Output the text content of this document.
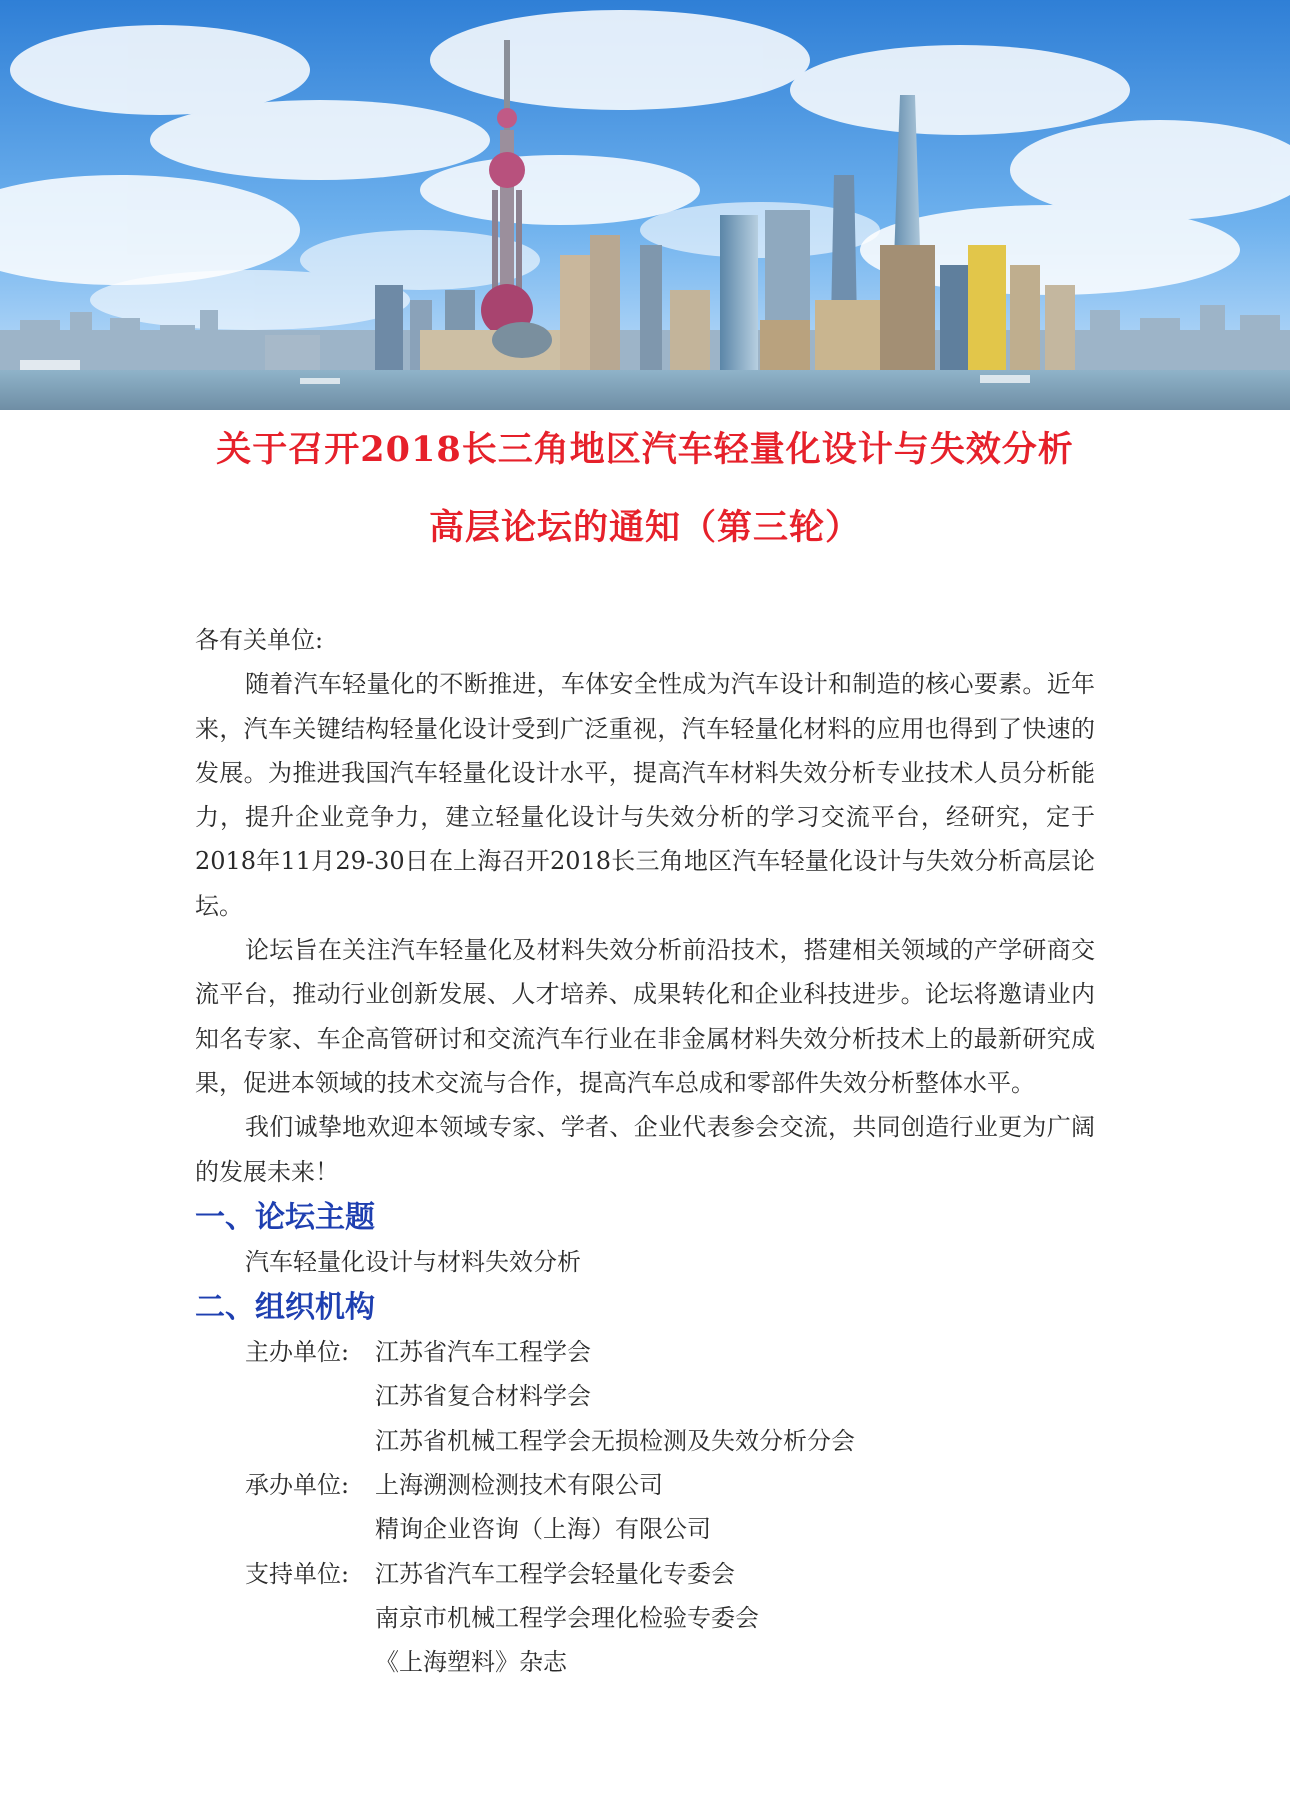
关于召开2018长三角地区汽车轻量化设计与失效分析
高层论坛的通知（第三轮）

各有关单位:

随着汽车轻量化的不断推进，车体安全性成为汽车设计和制造的核心要素。近年来，汽车关键结构轻量化设计受到广泛重视，汽车轻量化材料的应用也得到了快速的发展。为推进我国汽车轻量化设计水平，提高汽车材料失效分析专业技术人员分析能力，提升企业竞争力，建立轻量化设计与失效分析的学习交流平台，经研究，定于2018年11月29-30日在上海召开2018长三角地区汽车轻量化设计与失效分析高层论坛。

论坛旨在关注汽车轻量化及材料失效分析前沿技术，搭建相关领域的产学研商交流平台，推动行业创新发展、人才培养、成果转化和企业科技进步。论坛将邀请业内知名专家、车企高管研讨和交流汽车行业在非金属材料失效分析技术上的最新研究成果，促进本领域的技术交流与合作，提高汽车总成和零部件失效分析整体水平。

我们诚挚地欢迎本领域专家、学者、企业代表参会交流，共同创造行业更为广阔的发展未来！

一、论坛主题

汽车轻量化设计与材料失效分析

二、组织机构
主办单位:	江苏省汽车工程学会
江苏省复合材料学会
江苏省机械工程学会无损检测及失效分析分会
承办单位:	上海溯测检测技术有限公司
精询企业咨询（上海）有限公司
支持单位:	江苏省汽车工程学会轻量化专委会
南京市机械工程学会理化检验专委会
《上海塑料》杂志
